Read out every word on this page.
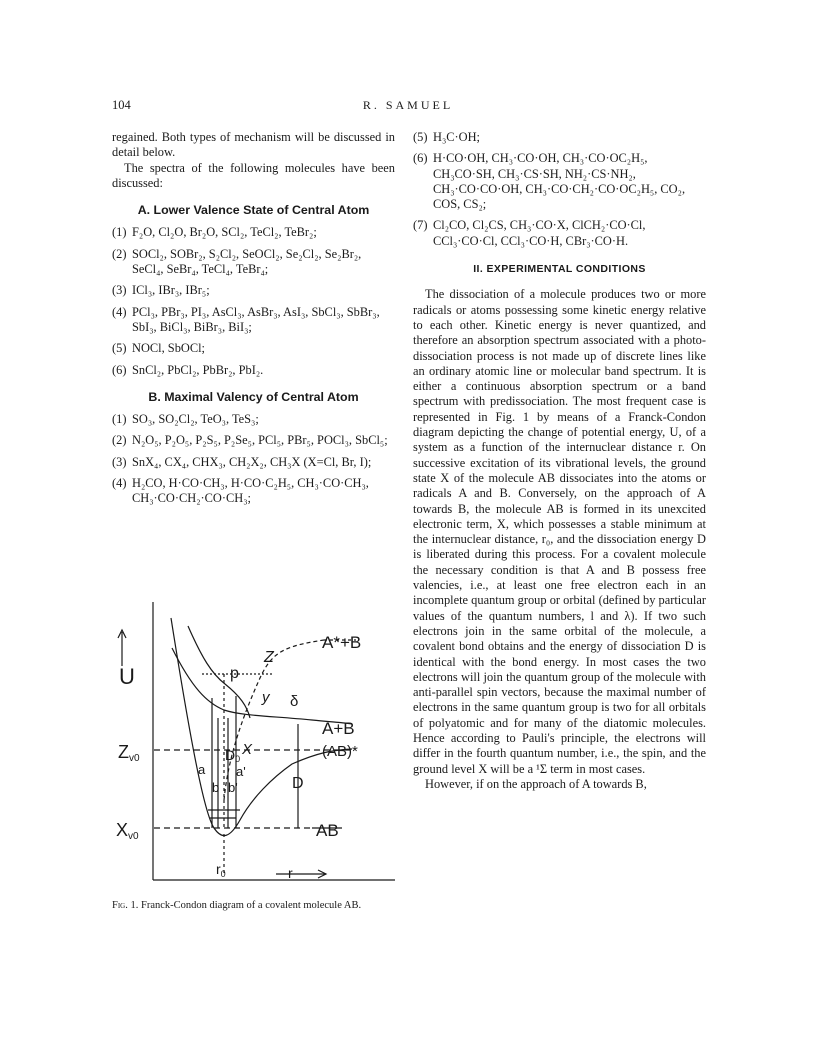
104	R. SAMUEL

regained. Both types of mechanism will be discussed in detail below.

The spectra of the following molecules have been discussed:

A. Lower Valence State of Central Atom
(1) F₂O, Cl₂O, Br₂O, SCl₂, TeCl₂, TeBr₂;
(2) SOCl₂, SOBr₂, S₂Cl₂, SeOCl₂, Se₂Cl₂, Se₂Br₂, SeCl₄, SeBr₄, TeCl₄, TeBr₄;
(3) ICl₃, IBr₃, IBr₅;
(4) PCl₃, PBr₃, PI₃, AsCl₃, AsBr₃, AsI₃, SbCl₃, SbBr₃, SbI₃, BiCl₃, BiBr₃, BiI₃;
(5) NOCl, SbOCl;
(6) SnCl₂, PbCl₂, PbBr₂, PbI₂.
B. Maximal Valency of Central Atom
(1) SO₃, SO₂Cl₂, TeO₃, TeS₃;
(2) N₂O₅, P₂O₅, P₂S₅, P₂Se₅, PCl₅, PBr₅, POCl₃, SbCl₅;
(3) SnX₄, CX₄, CHX₃, CH₂X₂, CH₃X (X=Cl, Br, I);
(4) H₂CO, H·CO·CH₃, H·CO·C₂H₅, CH₃·CO·CH₃, CH₃·CO·CH₂·CO·CH₃;
U
A*+B
Z
p
y δ
A+B
(AB)*
Zv0
Xv0	AB
D0
D
X
a
b b'
a'
$r_0$	r
Fig. 1. Franck-Condon diagram of a covalent molecule AB.
(5) H₃C·OH;
(6) H·CO·OH, CH₃·CO·OH, CH₃·CO·OC₂H₅, CH₃CO·SH, CH₃·CS·SH, NH₂·CS·NH₂, CH₃·CO·CO·OH, CH₃·CO·CH₂·CO·OC₂H₅, CO₂, COS, CS₂;
(7) Cl₂CO, Cl₂CS, CH₃·CO·X, ClCH₂·CO·Cl, CCl₃·CO·Cl, CCl₃·CO·H, CBr₃·CO·H.
II. EXPERIMENTAL CONDITIONS

The dissociation of a molecule produces two or more radicals or atoms possessing some kinetic energy relative to each other. Kinetic energy is never quantized, and therefore an absorption spectrum associated with a photo-dissociation process is not made up of discrete lines like an ordinary atomic line or molecular band spectrum. It is either a continuous absorption spectrum or a band spectrum with predissociation. The most frequent case is represented in Fig. 1 by means of a Franck-Condon diagram depicting the change of potential energy, U, of a system as a function of the internuclear distance r. On successive excitation of its vibrational levels, the ground state X of the molecule AB dissociates into the atoms or radicals A and B. Conversely, on the approach of A towards B, the molecule AB is formed in its unexcited electronic term, X, which possesses a stable minimum at the internuclear distance, r₀, and the dissociation energy D is liberated during this process. For a covalent molecule the necessary condition is that A and B possess free valencies, i.e., at least one free electron each in an incomplete quantum group or orbital (defined by particular values of the quantum numbers, l and λ). If two such electrons join in the same orbital of the molecule, a covalent bond obtains and the energy of dissociation D is identical with the bond energy. In most cases the two electrons will join the quantum group of the molecule with anti-parallel spin vectors, because the maximal number of electrons in the same quantum group is two for all orbitals of polyatomic and for many of the diatomic molecules. Hence according to Pauli's principle, the electrons will differ in the fourth quantum number, i.e., the spin, and the ground level X will be a ¹Σ term in most cases.

However, if on the approach of A towards B,
